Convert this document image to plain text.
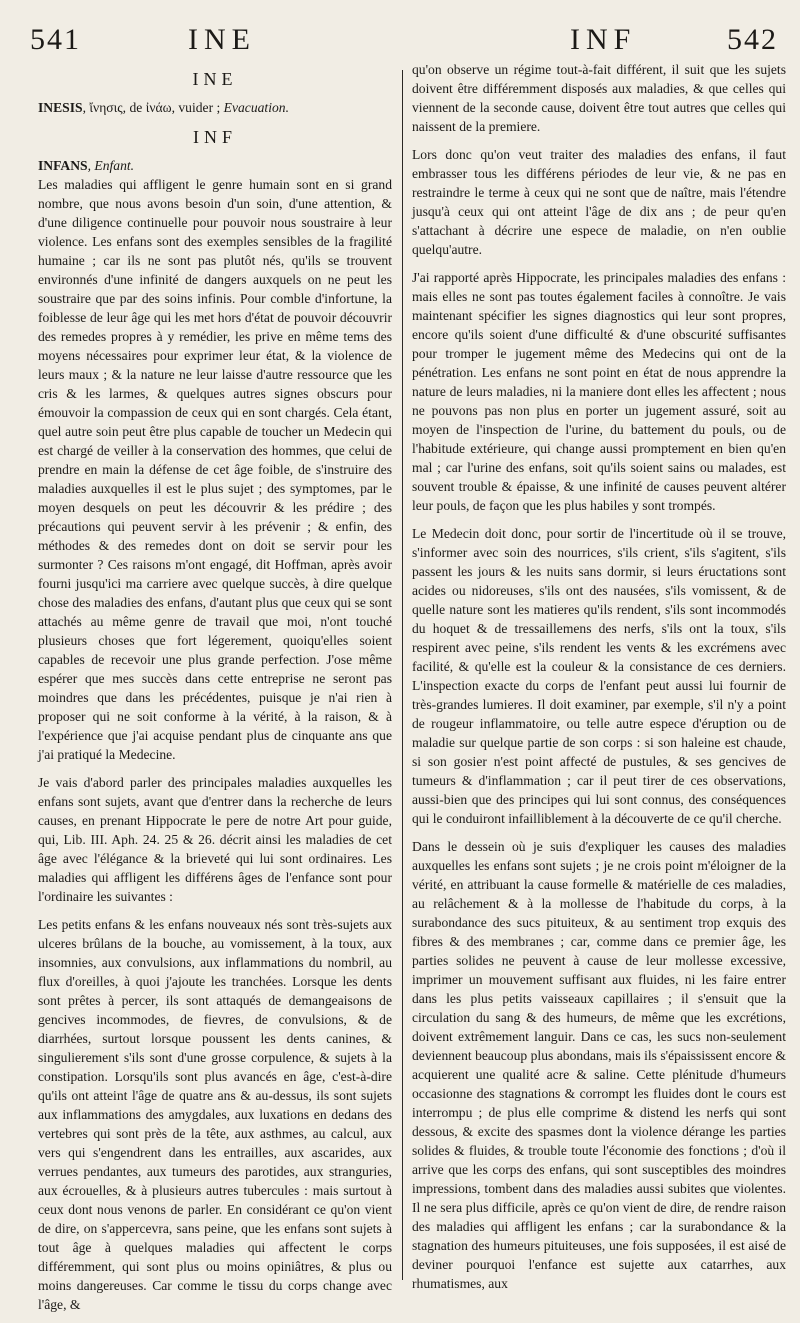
541	INE	INF	542
INE

INESIS, ἴνησις, de ἰνάω, vuider ; Evacuation.

INF

INFANS, Enfant.

Les maladies qui affligent le genre humain sont en si grand nombre, que nous avons besoin d'un soin, d'une attention, & d'une diligence continuelle pour pouvoir nous soustraire à leur violence. Les enfans sont des exemples sensibles de la fragilité humaine ; car ils ne sont pas plutôt nés, qu'ils se trouvent environnés d'une infinité de dangers auxquels on ne peut les soustraire que par des soins infinis. Pour comble d'infortune, la foiblesse de leur âge qui les met hors d'état de pouvoir découvrir des remedes propres à y remédier, les prive en même tems des moyens nécessaires pour exprimer leur état, & la violence de leurs maux ; & la nature ne leur laisse d'autre ressource que les cris & les larmes, & quelques autres signes obscurs pour émouvoir la compassion de ceux qui en sont chargés. Cela étant, quel autre soin peut être plus capable de toucher un Medecin qui est chargé de veiller à la conservation des hommes, que celui de prendre en main la défense de cet âge foible, de s'instruire des maladies auxquelles il est le plus sujet ; des symptomes, par le moyen desquels on peut les découvrir & les prédire ; des précautions qui peuvent servir à les prévenir ; & enfin, des méthodes & des remedes dont on doit se servir pour les surmonter ? Ces raisons m'ont engagé, dit Hoffman, après avoir fourni jusqu'ici ma carriere avec quelque succès, à dire quelque chose des maladies des enfans, d'autant plus que ceux qui se sont attachés au même genre de travail que moi, n'ont touché plusieurs choses que fort légerement, quoiqu'elles soient capables de recevoir une plus grande perfection. J'ose même espérer que mes succès dans cette entreprise ne seront pas moindres que dans les précédentes, puisque je n'ai rien à proposer qui ne soit conforme à la vérité, à la raison, & à l'expérience que j'ai acquise pendant plus de cinquante ans que j'ai pratiqué la Medecine.

Je vais d'abord parler des principales maladies auxquelles les enfans sont sujets, avant que d'entrer dans la recherche de leurs causes, en prenant Hippocrate le pere de notre Art pour guide, qui, Lib. III. Aph. 24. 25 & 26. décrit ainsi les maladies de cet âge avec l'élégance & la brieveté qui lui sont ordinaires. Les maladies qui affligent les différens âges de l'enfance sont pour l'ordinaire les suivantes :

Les petits enfans & les enfans nouveaux nés sont très-sujets aux ulceres brûlans de la bouche, au vomissement, à la toux, aux insomnies, aux convulsions, aux inflammations du nombril, au flux d'oreilles, à quoi j'ajoute les tranchées. Lorsque les dents sont prêtes à percer, ils sont attaqués de demangeaisons de gencives incommodes, de fievres, de convulsions, & de diarrhées, surtout lorsque poussent les dents canines, & singulierement s'ils sont d'une grosse corpulence, & sujets à la constipation. Lorsqu'ils sont plus avancés en âge, c'est-à-dire qu'ils ont atteint l'âge de quatre ans & au-dessus, ils sont sujets aux inflammations des amygdales, aux luxations en dedans des vertebres qui sont près de la tête, aux asthmes, au calcul, aux vers qui s'engendrent dans les entrailles, aux ascarides, aux verrues pendantes, aux tumeurs des parotides, aux stranguries, aux écrouelles, & à plusieurs autres tubercules : mais surtout à ceux dont nous venons de parler. En considérant ce qu'on vient de dire, on s'appercevra, sans peine, que les enfans sont sujets à tout âge à quelques maladies qui affectent le corps différemment, qui sont plus ou moins opiniâtres, & plus ou moins dangereuses. Car comme le tissu du corps change avec l'âge, &

qu'on observe un régime tout-à-fait différent, il suit que les sujets doivent être différemment disposés aux maladies, & que celles qui viennent de la seconde cause, doivent être tout autres que celles qui naissent de la premiere.

Lors donc qu'on veut traiter des maladies des enfans, il faut embrasser tous les différens périodes de leur vie, & ne pas en restraindre le terme à ceux qui ne sont que de naître, mais l'étendre jusqu'à ceux qui ont atteint l'âge de dix ans ; de peur qu'en s'attachant à décrire une espece de maladie, on n'en oublie quelqu'autre.

J'ai rapporté après Hippocrate, les principales maladies des enfans : mais elles ne sont pas toutes également faciles à connoître. Je vais maintenant spécifier les signes diagnostics qui leur sont propres, encore qu'ils soient d'une difficulté & d'une obscurité suffisantes pour tromper le jugement même des Medecins qui ont de la pénétration. Les enfans ne sont point en état de nous apprendre la nature de leurs maladies, ni la maniere dont elles les affectent ; nous ne pouvons pas non plus en porter un jugement assuré, soit au moyen de l'inspection de l'urine, du battement du pouls, ou de l'habitude extérieure, qui change aussi promptement en bien qu'en mal ; car l'urine des enfans, soit qu'ils soient sains ou malades, est souvent trouble & épaisse, & une infinité de causes peuvent altérer leur pouls, de façon que les plus habiles y sont trompés.

Le Medecin doit donc, pour sortir de l'incertitude où il se trouve, s'informer avec soin des nourrices, s'ils crient, s'ils s'agitent, s'ils passent les jours & les nuits sans dormir, si leurs éructations sont acides ou nidoreuses, s'ils ont des nausées, s'ils vomissent, & de quelle nature sont les matieres qu'ils rendent, s'ils sont incommodés du hoquet & de tressaillemens des nerfs, s'ils ont la toux, s'ils respirent avec peine, s'ils rendent les vents & les excrémens avec facilité, & qu'elle est la couleur & la consistance de ces derniers. L'inspection exacte du corps de l'enfant peut aussi lui fournir de très-grandes lumieres. Il doit examiner, par exemple, s'il n'y a point de rougeur inflammatoire, ou telle autre espece d'éruption ou de maladie sur quelque partie de son corps : si son haleine est chaude, si son gosier n'est point affecté de pustules, & ses gencives de tumeurs & d'inflammation ; car il peut tirer de ces observations, aussi-bien que des principes qui lui sont connus, des conséquences qui le conduiront infailliblement à la découverte de ce qu'il cherche.

Dans le dessein où je suis d'expliquer les causes des maladies auxquelles les enfans sont sujets ; je ne crois point m'éloigner de la vérité, en attribuant la cause formelle & matérielle de ces maladies, au relâchement & à la mollesse de l'habitude du corps, à la surabondance des sucs pituiteux, & au sentiment trop exquis des fibres & des membranes ; car, comme dans ce premier âge, les parties solides ne peuvent à cause de leur mollesse excessive, imprimer un mouvement suffisant aux fluides, ni les faire entrer dans les plus petits vaisseaux capillaires ; il s'ensuit que la circulation du sang & des humeurs, de même que les excrétions, doivent extrêmement languir. Dans ce cas, les sucs non-seulement deviennent beaucoup plus abondans, mais ils s'épaississent encore & acquierent une qualité acre & saline. Cette plénitude d'humeurs occasionne des stagnations & corrompt les fluides dont le cours est interrompu ; de plus elle comprime & distend les nerfs qui sont dessous, & excite des spasmes dont la violence dérange les parties solides & fluides, & trouble toute l'économie des fonctions ; d'où il arrive que les corps des enfans, qui sont susceptibles des moindres impressions, tombent dans des maladies aussi subites que violentes. Il ne sera plus difficile, après ce qu'on vient de dire, de rendre raison des maladies qui affligent les enfans ; car la surabondance & la stagnation des humeurs pituiteuses, une fois supposées, il est aisé de deviner pourquoi l'enfance est sujette aux catarrhes, aux rhumatismes, aux
